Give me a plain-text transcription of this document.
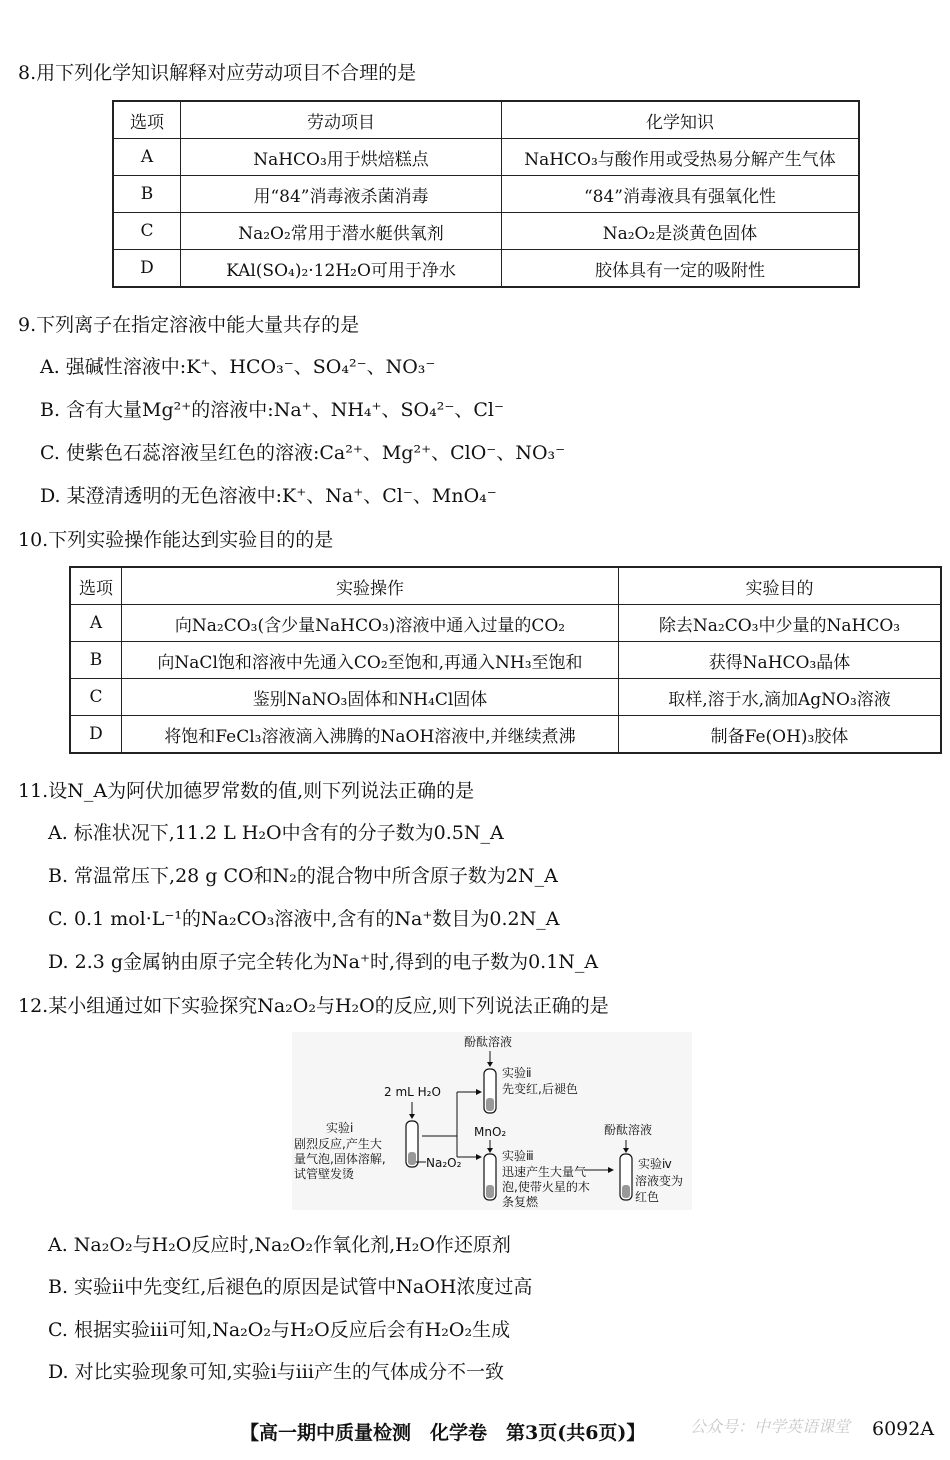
8.用下列化学知识解释对应劳动项目不合理的是
选项	劳动项目	化学知识
A	NaHCO₃用于烘焙糕点	NaHCO₃与酸作用或受热易分解产生气体
B	用“84”消毒液杀菌消毒	“84”消毒液具有强氧化性
C	Na₂O₂常用于潜水艇供氧剂	Na₂O₂是淡黄色固体
D	KAl(SO₄)₂·12H₂O可用于净水	胶体具有一定的吸附性
9.下列离子在指定溶液中能大量共存的是
A. 强碱性溶液中:K⁺、HCO₃⁻、SO₄²⁻、NO₃⁻
B. 含有大量Mg²⁺的溶液中:Na⁺、NH₄⁺、SO₄²⁻、Cl⁻
C. 使紫色石蕊溶液呈红色的溶液:Ca²⁺、Mg²⁺、ClO⁻、NO₃⁻
D. 某澄清透明的无色溶液中:K⁺、Na⁺、Cl⁻、MnO₄⁻
10.下列实验操作能达到实验目的的是
选项	实验操作	实验目的
A	向Na₂CO₃(含少量NaHCO₃)溶液中通入过量的CO₂	除去Na₂CO₃中少量的NaHCO₃
B	向NaCl饱和溶液中先通入CO₂至饱和,再通入NH₃至饱和	获得NaHCO₃晶体
C	鉴别NaNO₃固体和NH₄Cl固体	取样,溶于水,滴加AgNO₃溶液
D	将饱和FeCl₃溶液滴入沸腾的NaOH溶液中,并继续煮沸	制备Fe(OH)₃胶体
11.设N_A为阿伏加德罗常数的值,则下列说法正确的是
A. 标准状况下,11.2 L H₂O中含有的分子数为0.5N_A
B. 常温常压下,28 g CO和N₂的混合物中所含原子数为2N_A
C. 0.1 mol·L⁻¹的Na₂CO₃溶液中,含有的Na⁺数目为0.2N_A
D. 2.3 g金属钠由原子完全转化为Na⁺时,得到的电子数为0.1N_A
12.某小组通过如下实验探究Na₂O₂与H₂O的反应,则下列说法正确的是
酚酞溶液
实验ⅱ
先变红,后褪色
2 mL H₂O
实验ⅰ
剧烈反应,产生大
量气泡,固体溶解,
试管壁发烫
Na₂O₂
MnO₂
实验ⅲ
迅速产生大量气
泡,使带火星的木
条复燃
酚酞溶液
实验ⅳ
溶液变为
红色
A. Na₂O₂与H₂O反应时,Na₂O₂作氧化剂,H₂O作还原剂
B. 实验ⅱ中先变红,后褪色的原因是试管中NaOH浓度过高
C. 根据实验ⅲ可知,Na₂O₂与H₂O反应后会有H₂O₂生成
D. 对比实验现象可知,实验ⅰ与ⅲ产生的气体成分不一致
公众号：中学英语课堂
【高一期中质量检测　化学卷　第3页(共6页)】	6092A
